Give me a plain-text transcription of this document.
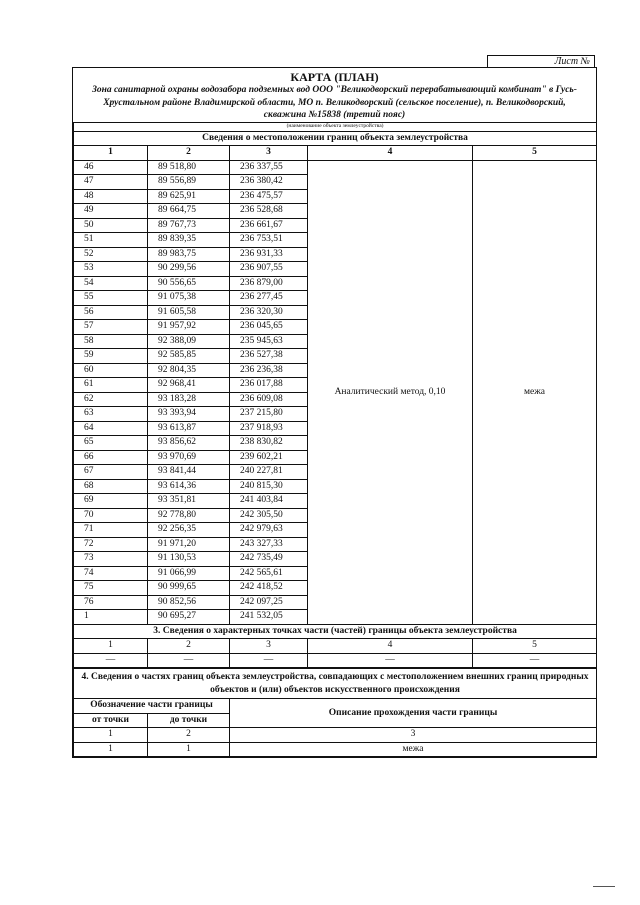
Лист №
КАРТА (ПЛАН)
Зона санитарной охраны водозабора подземных вод ООО "Великодворский перерабатывающий комбинат" в Гусь-Хрустальном районе Владимирской области, МО п. Великодворский (сельское поселение), п. Великодворский, скважина №15838 (третий пояс)
(наименование объекта землеустройства)				
Сведения о местоположении границ объекта землеустройства				
1	2	3	4	5
46	89 518,80	236 337,55	Аналитический метод, 0,10	межа
47	89 556,89	236 380,42		
48	89 625,91	236 475,57		
49	89 664,75	236 528,68		
50	89 767,73	236 661,67		
51	89 839,35	236 753,51		
52	89 983,75	236 931,33		
53	90 299,56	236 907,55		
54	90 556,65	236 879,00		
55	91 075,38	236 277,45		
56	91 605,58	236 320,30		
57	91 957,92	236 045,65		
58	92 388,09	235 945,63		
59	92 585,85	236 527,38		
60	92 804,35	236 236,38		
61	92 968,41	236 017,88		
62	93 183,28	236 609,08		
63	93 393,94	237 215,80		
64	93 613,87	237 918,93		
65	93 856,62	238 830,82		
66	93 970,69	239 602,21		
67	93 841,44	240 227,81		
68	93 614,36	240 815,30		
69	93 351,81	241 403,84		
70	92 778,80	242 305,50		
71	92 256,35	242 979,63		
72	91 971,20	243 327,33		
73	91 130,53	242 735,49		
74	91 066,99	242 565,61		
75	90 999,65	242 418,52		
76	90 852,56	242 097,25		
1	90 695,27	241 532,05		
3. Сведения о характерных точках части (частей) границы объекта землеустройства				
1	2	3	4	5
—	—	—	—	—
4. Сведения о частях границ объекта землеустройства, совпадающих с местоположением внешних границ природных объектов и (или) объектов искусственного происхождения		
Обозначение части границы		Описание прохождения части границы
от точки	до точки	
1	2	3
1	1	межа
